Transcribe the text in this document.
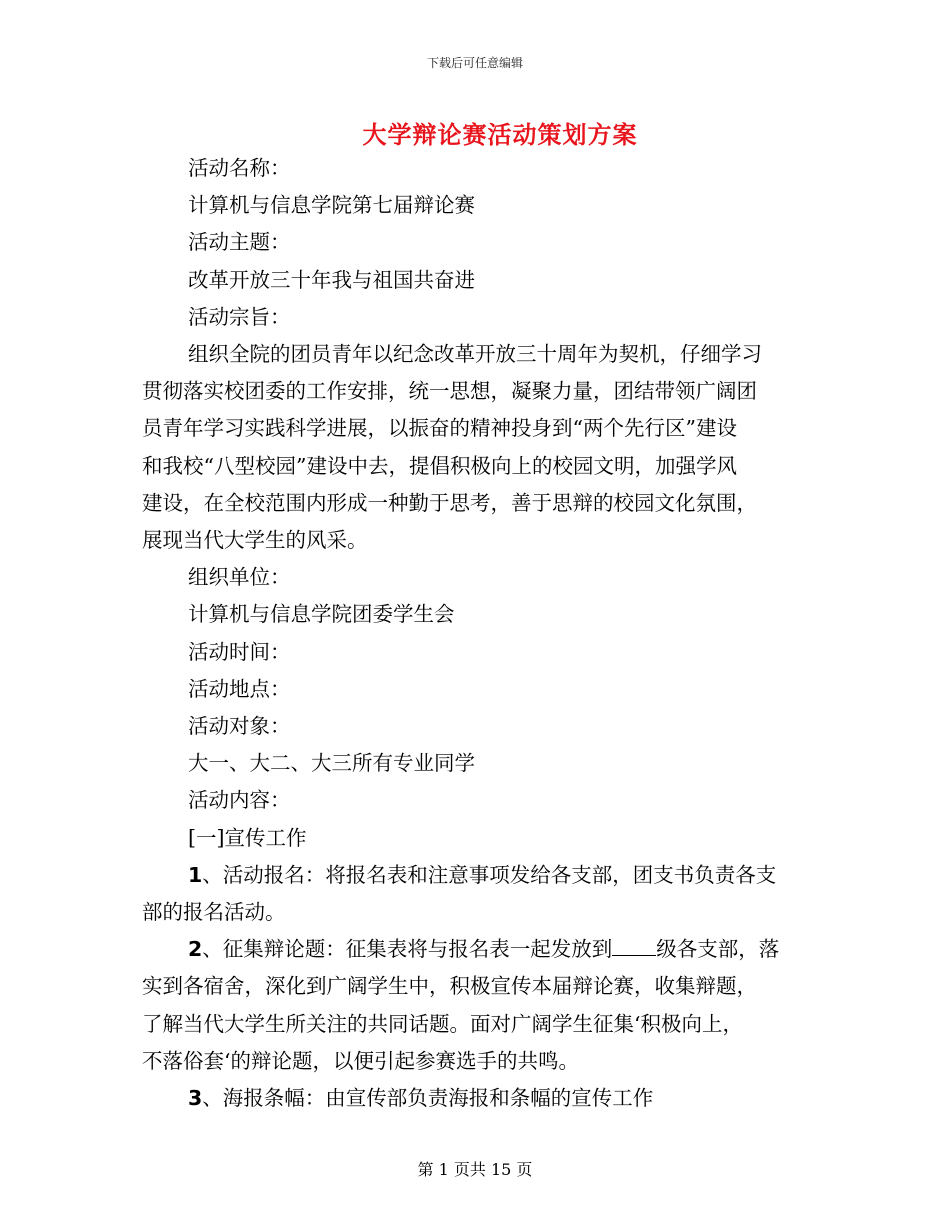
下载后可任意编辑
大学辩论赛活动策划方案

活动名称：

计算机与信息学院第七届辩论赛

活动主题：

改革开放三十年我与祖国共奋进

活动宗旨：

组织全院的团员青年以纪念改革开放三十周年为契机，仔细学习

贯彻落实校团委的工作安排，统一思想，凝聚力量，团结带领广阔团

员青年学习实践科学进展，以振奋的精神投身到“两个先行区”建设

和我校“八型校园”建设中去，提倡积极向上的校园文明，加强学风

建设，在全校范围内形成一种勤于思考，善于思辩的校园文化氛围，

展现当代大学生的风采。

组织单位：

计算机与信息学院团委学生会

活动时间：

活动地点：

活动对象：

大一、大二、大三所有专业同学

活动内容：

[一]宣传工作

1、活动报名：将报名表和注意事项发给各支部，团支书负责各支

部的报名活动。

2、征集辩论题：征集表将与报名表一起发放到 级各支部，落

实到各宿舍，深化到广阔学生中，积极宣传本届辩论赛，收集辩题，

了解当代大学生所关注的共同话题。面对广阔学生征集‘积极向上，

不落俗套‘的辩论题，以便引起参赛选手的共鸣。

3、海报条幅：由宣传部负责海报和条幅的宣传工作

第 1 页共 15 页
